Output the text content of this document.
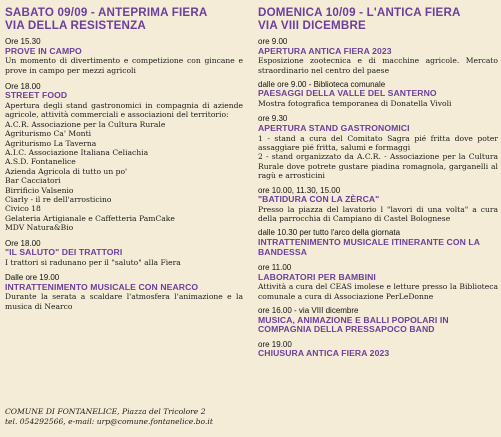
SABATO 09/09 - ANTEPRIMA FIERA
VIA DELLA RESISTENZA
Ore 15.30
PROVE IN CAMPO
Un momento di divertimento e competizione con gincane e prove in campo per mezzi agricoli
Ore 18.00
STREET FOOD
Apertura degli stand gastronomici in compagnia di aziende agricole, attività commerciali e associazioni del territorio:
A.C.R. Associazione per la Cultura Rurale
Agriturismo Ca' Monti
Agriturismo La Taverna
A.I.C. Associazione Italiana Celiachia
A.S.D. Fontanelice
Azienda Agricola di tutto un po'
Bar Cacciatori
Birrificio Valsenio
Ciarly - il re dell'arrosticino
Civico 18
Gelateria Artigianale e Caffetteria PamCake
MDV Natura&Bio
Ore 18.00
"IL SALUTO" DEI TRATTORI
I trattori si radunano per il "saluto" alla Fiera
Dalle ore 19.00
INTRATTENIMENTO MUSICALE CON NEARCO
Durante la serata a scaldare l'atmosfera l'animazione e la musica di Nearco
COMUNE DI FONTANELICE, Piazza del Tricolore 2
tel. 054292566, e-mail: urp@comune.fontanelice.bo.it
DOMENICA 10/09 - L'ANTICA FIERA
VIA VIII DICEMBRE
ore 9.00
APERTURA ANTICA FIERA 2023
Esposizione zootecnica e di macchine agricole. Mercato straordinario nel centro del paese
dalle ore 9.00 - Biblioteca comunale
PAESAGGI DELLA VALLE DEL SANTERNO
Mostra fotografica temporanea di Donatella Vivoli
ore 9.30
APERTURA STAND GASTRONOMICI
1 - stand a cura del Comitato Sagra pié fritta dove poter assaggiare pié fritta, salumi e formaggi
2 - stand organizzato da A.C.R. - Associazione per la Cultura Rurale dove potrete gustare piadina romagnola, garganelli al ragù e arrosticini
ore 10.00, 11.30, 15.00
"BATIDURA CON LA ZÈRCA"
Presso la piazza del lavatorio l "lavori di una volta" a cura della parrocchia di Campiano di Castel Bolognese
dalle 10.30 per tutto l'arco della giornata
INTRATTENIMENTO MUSICALE ITINERANTE CON LA BANDESSA
ore 11.00
LABORATORI PER BAMBINI
Attività a cura del CEAS imolese e letture presso la Biblioteca comunale a cura di Associazione PerLeDonne
ore 16.00 - via VIII dicembre
MUSICA, ANIMAZIONE E BALLI POPOLARI IN COMPAGNIA DELLA PRESSAPOCO BAND
ore 19.00
CHIUSURA ANTICA FIERA 2023
